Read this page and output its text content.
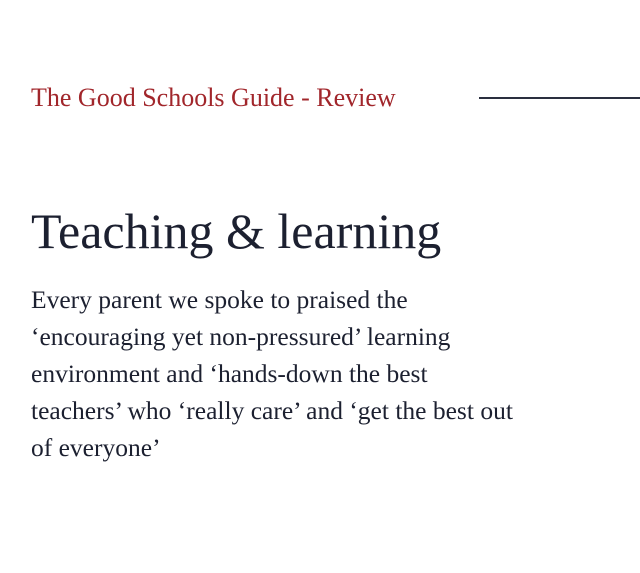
The Good Schools Guide - Review
Teaching & learning

Every parent we spoke to praised the
‘encouraging yet non-pressured’ learning
environment and ‘hands-down the best
teachers’ who ‘really care’ and ‘get the best out
of everyone’
